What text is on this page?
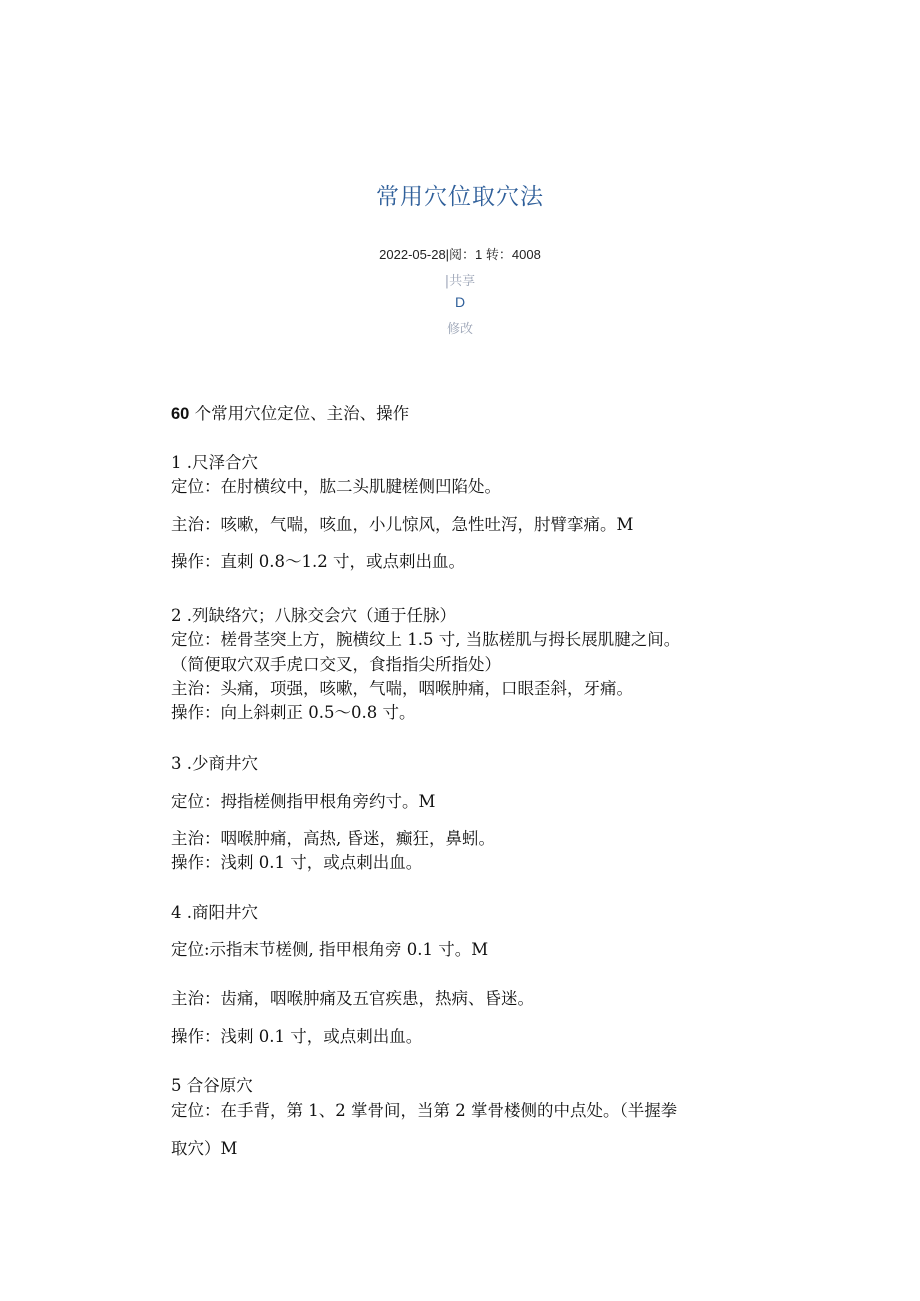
常用穴位取穴法
2022-05-28|阅：1 转：4008
|共享
D
修改
60 个常用穴位定位、主治、操作
1 .尺泽合穴
定位：在肘横纹中，肱二头肌腱槎侧凹陷处。
主治：咳嗽，气喘，咳血，小儿惊风，急性吐泻，肘臂挛痛。M
操作：直刺 0.8～1.2 寸，或点刺出血。
2 .列缺络穴；八脉交会穴（通于任脉）
定位：槎骨茎突上方，腕横纹上 1.5 寸, 当肱槎肌与拇长展肌腱之间。
（简便取穴双手虎口交叉，食指指尖所指处）
主治：头痛，项强，咳嗽，气喘，咽喉肿痛，口眼歪斜，牙痛。
操作：向上斜刺正 0.5～0.8 寸。
3 .少商井穴
定位：拇指槎侧指甲根角旁约寸。M
主治：咽喉肿痛，高热, 昏迷，癫狂，鼻蚓。
操作：浅刺 0.1 寸，或点刺出血。
4 .商阳井穴
定位:示指末节槎侧, 指甲根角旁 0.1 寸。M
主治：齿痛，咽喉肿痛及五官疾患，热病、昏迷。
操作：浅刺 0.1 寸，或点刺出血。
5 合谷原穴
定位：在手背，第 1、2 掌骨间，当第 2 掌骨楼侧的中点处。（半握拳
取穴）M
